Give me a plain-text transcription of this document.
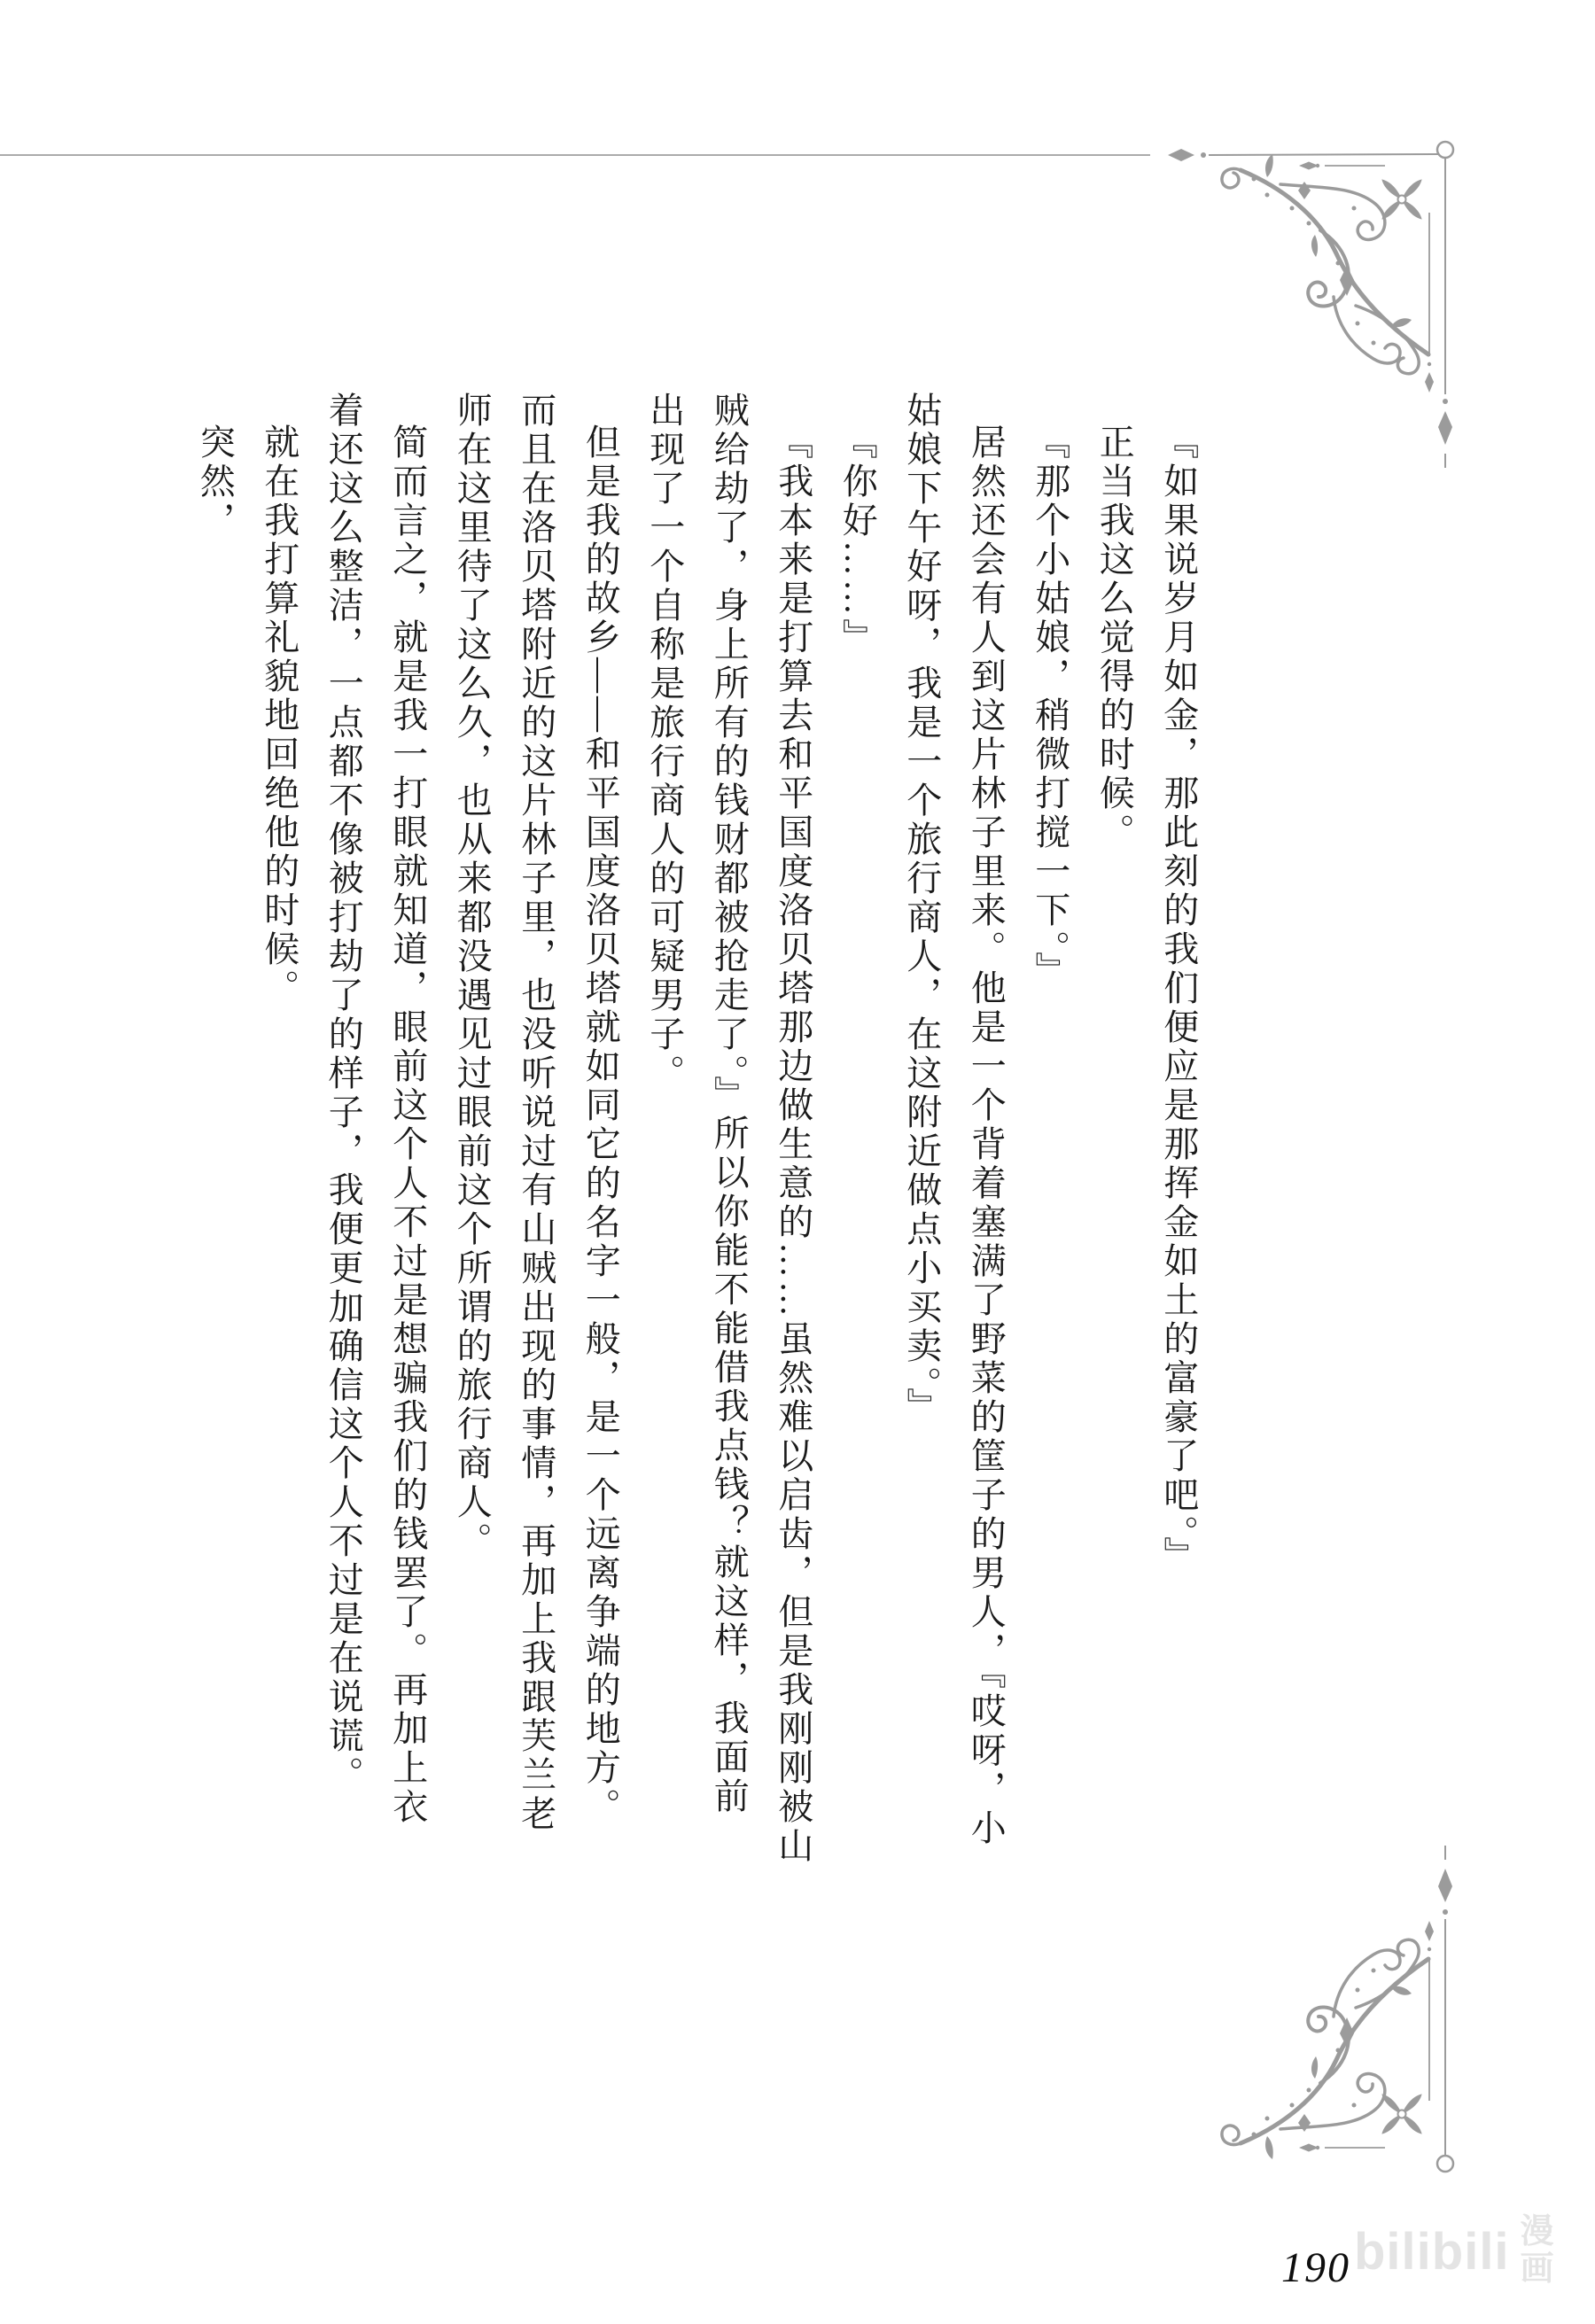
『如果说岁月如金，那此刻的我们便应是那挥金如土的富豪了吧。』
正当我这么觉得的时候。
『那个小姑娘，稍微打搅一下。』
居然还会有人到这片林子里来。他是一个背着塞满了野菜的筐子的男人，『哎呀，小
姑娘下午好呀，我是一个旅行商人，在这附近做点小买卖。』
『你好……』
『我本来是打算去和平国度洛贝塔那边做生意的……虽然难以启齿，但是我刚刚被山
贼给劫了，身上所有的钱财都被抢走了。』所以你能不能借我点钱？就这样，我面前
出现了一个自称是旅行商人的可疑男子。
但是我的故乡——和平国度洛贝塔就如同它的名字一般，是一个远离争端的地方。
而且在洛贝塔附近的这片林子里，也没听说过有山贼出现的事情，再加上我跟芙兰老
师在这里待了这么久，也从来都没遇见过眼前这个所谓的旅行商人。
简而言之，就是我一打眼就知道，眼前这个人不过是想骗我们的钱罢了。再加上衣
着还这么整洁，一点都不像被打劫了的样子，我便更加确信这个人不过是在说谎。
就在我打算礼貌地回绝他的时候。
突然，
190 bilibili 漫
画
